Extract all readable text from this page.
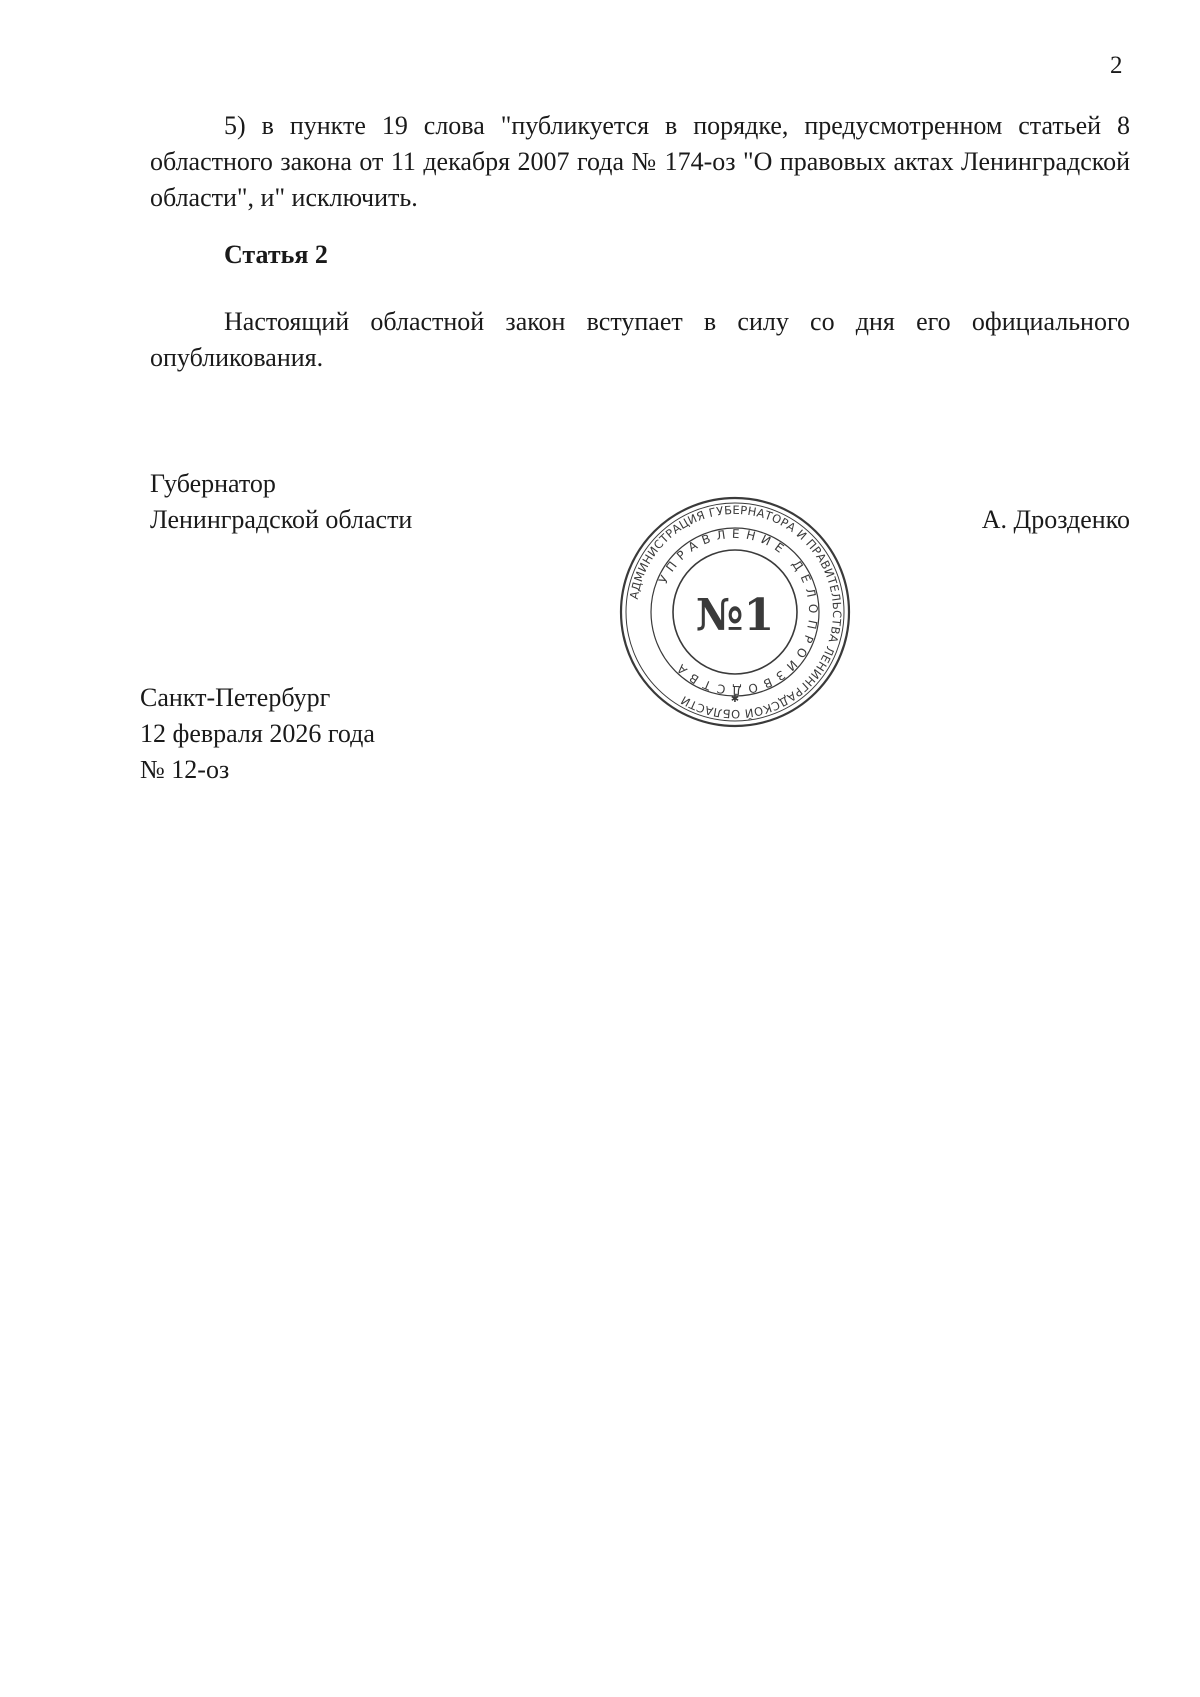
2

5) в пункте 19 слова "публикуется в порядке, предусмотренном статьей 8 областного закона от 11 декабря 2007 года № 174-оз "О правовых актах Ленинградской области", и" исключить.

Статья 2

Настоящий областной закон вступает в силу со дня его официального опубликования.

Губернатор
Ленинградской области	А. Дрозденко
АДМИНИСТРАЦИЯ ГУБЕРНАТОРА И ПРАВИТЕЛЬСТВА ЛЕНИНГРАДСКОЙ ОБЛАСТИ
УПРАВЛЕНИЕ ДЕЛОПРОИЗВОДСТВА
№1
✱
Санкт-Петербург
12 февраля 2026 года
№ 12-оз
